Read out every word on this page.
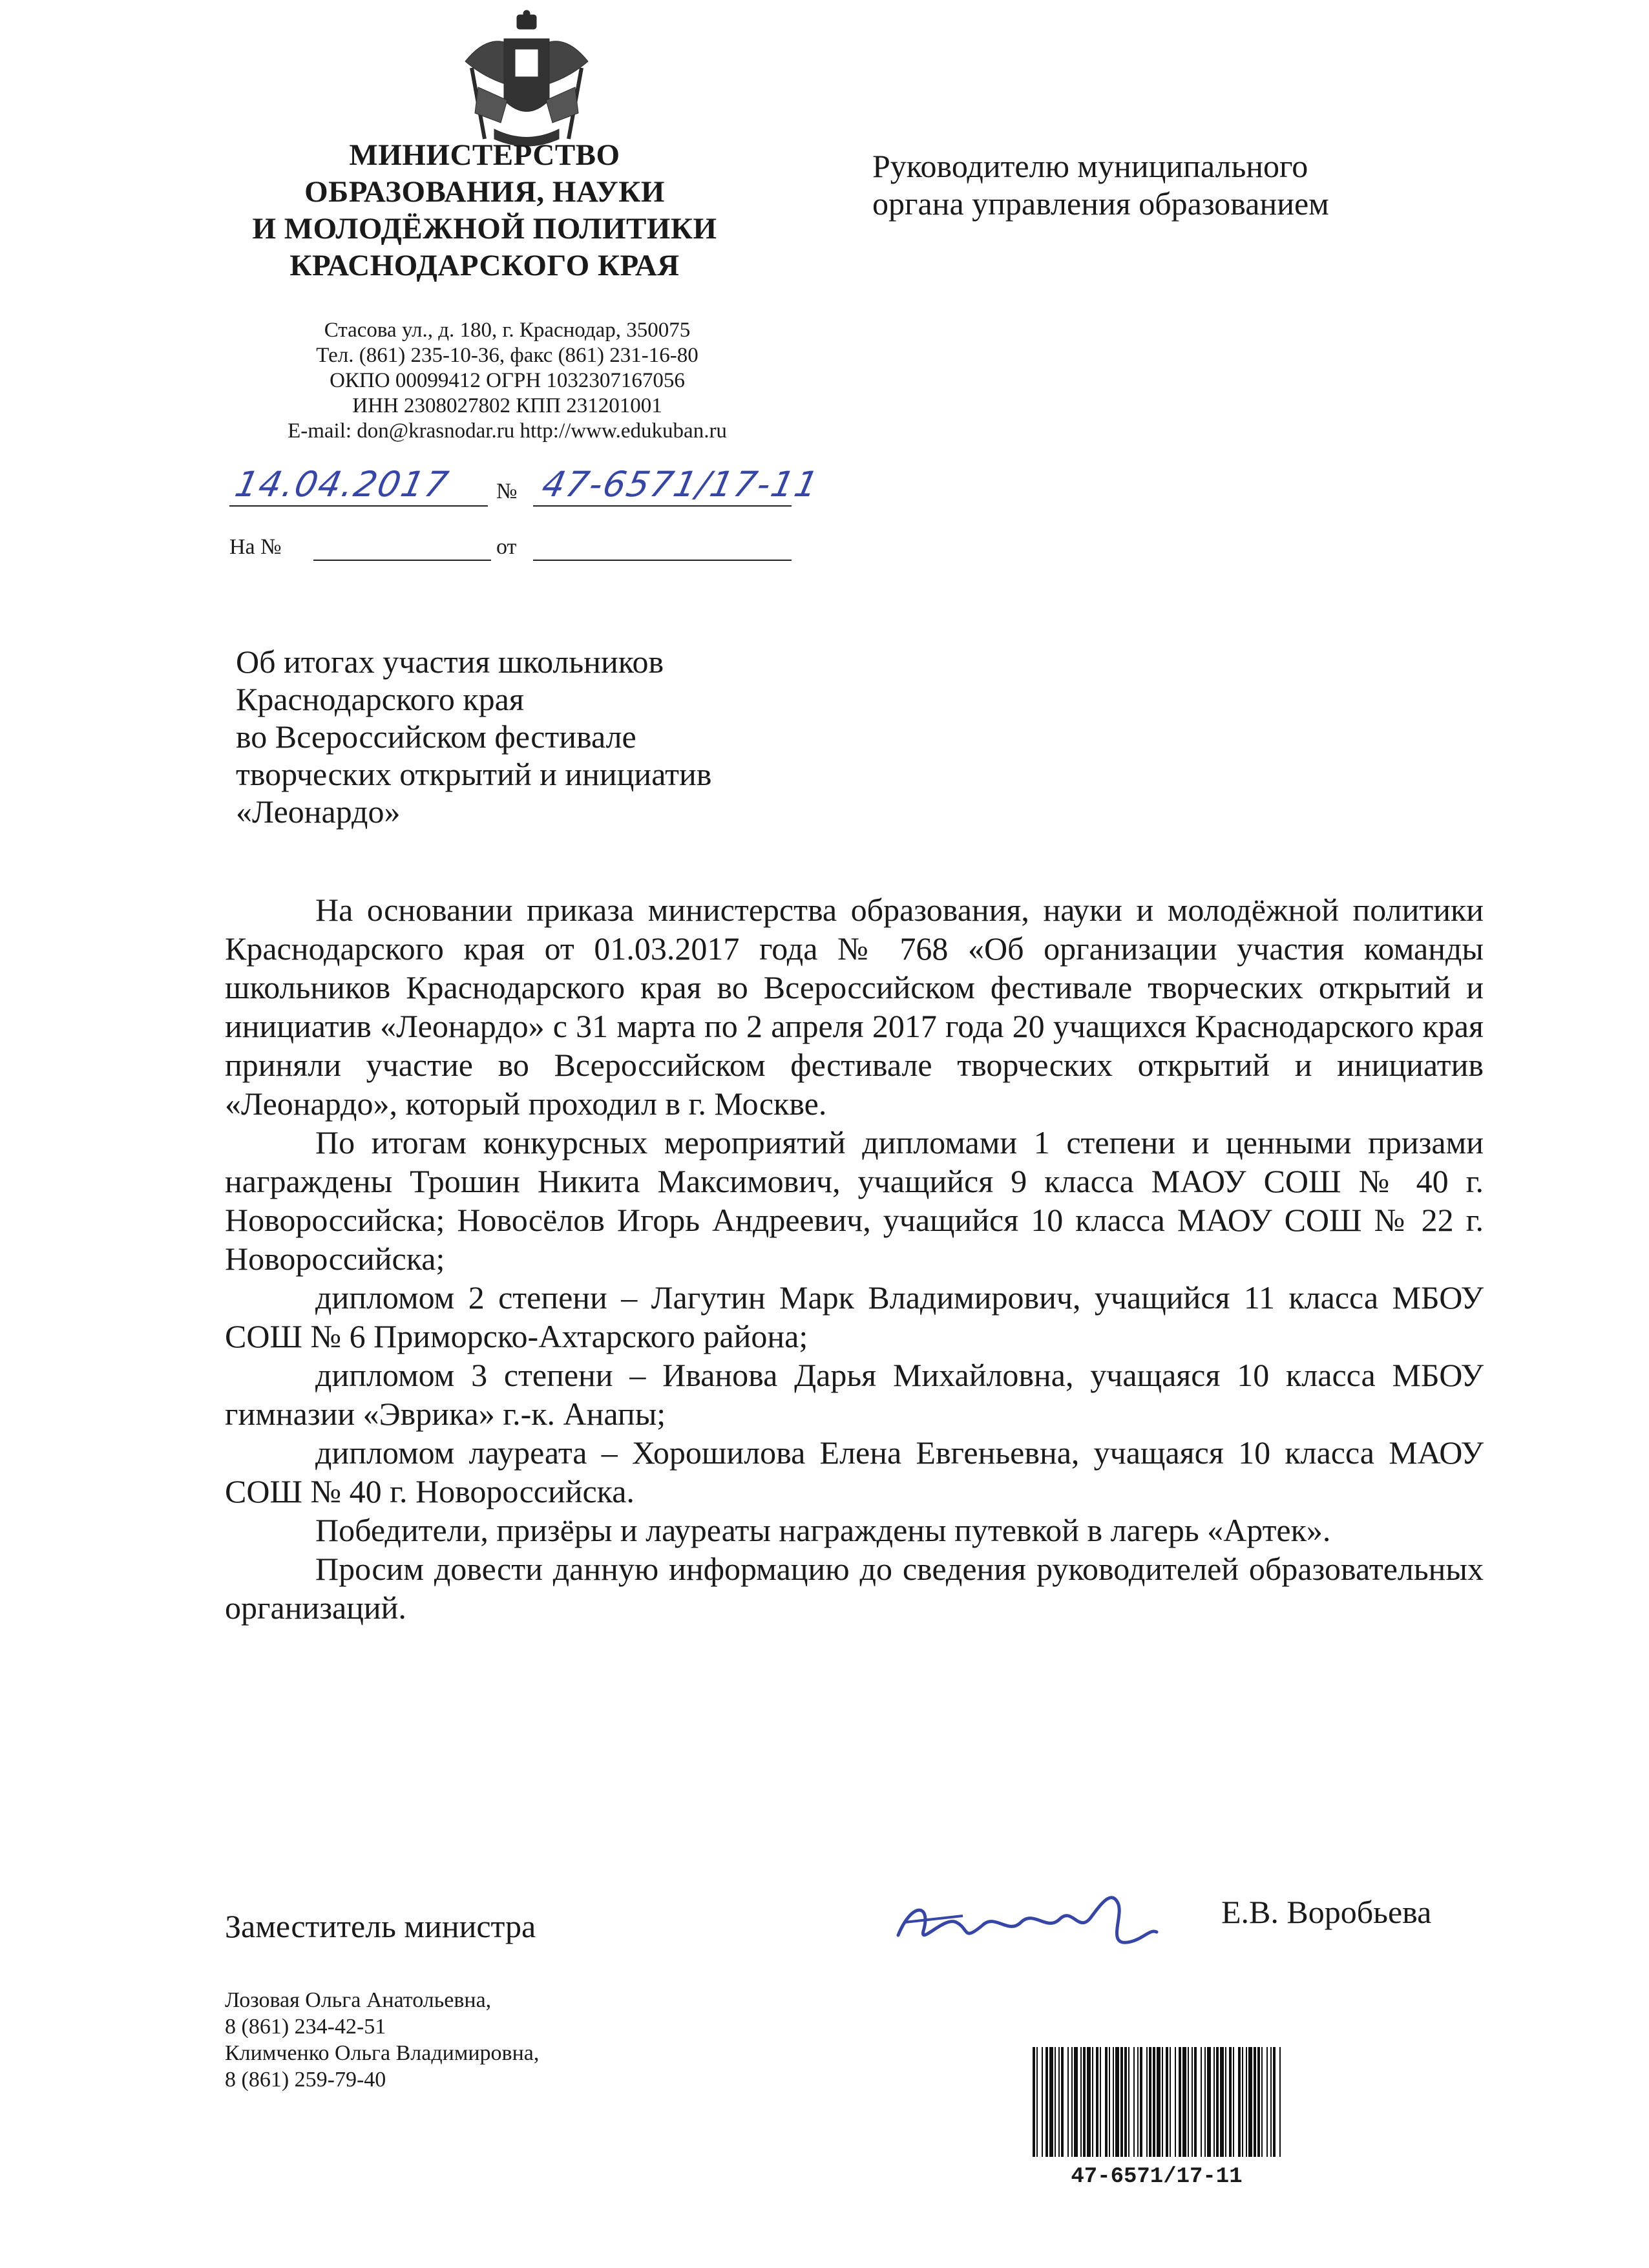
МИНИСТЕРСТВО
ОБРАЗОВАНИЯ, НАУКИ
И МОЛОДЁЖНОЙ ПОЛИТИКИ
КРАСНОДАРСКОГО КРАЯ
Стасова ул., д. 180, г. Краснодар, 350075
Тел. (861) 235-10-36, факс (861) 231-16-80
ОКПО 00099412 ОГРН 1032307167056
ИНН 2308027802 КПП 231201001
E-mail: don@krasnodar.ru http://www.edukuban.ru
Руководителю муниципального
органа управления образованием
14.04.2017 № 47-6571/17-11
На №	от
Об итогах участия школьников
Краснодарского края
во Всероссийском фестивале
творческих открытий и инициатив
«Леонардо»

На основании приказа министерства образования, науки и молодёжной политики Краснодарского края от 01.03.2017 года № 768 «Об организации участия команды школьников Краснодарского края во Всероссийском фестивале творческих открытий и инициатив «Леонардо» с 31 марта по 2 апреля 2017 года 20 учащихся Краснодарского края приняли участие во Всероссийском фестивале творческих открытий и инициатив «Леонардо», который проходил в г. Москве.

По итогам конкурсных мероприятий дипломами 1 степени и ценными призами награждены Трошин Никита Максимович, учащийся 9 класса МАОУ СОШ № 40 г. Новороссийска; Новосёлов Игорь Андреевич, учащийся 10 класса МАОУ СОШ № 22 г. Новороссийска;

дипломом 2 степени – Лагутин Марк Владимирович, учащийся 11 класса МБОУ СОШ № 6 Приморско-Ахтарского района;

дипломом 3 степени – Иванова Дарья Михайловна, учащаяся 10 класса МБОУ гимназии «Эврика» г.-к. Анапы;

дипломом лауреата – Хорошилова Елена Евгеньевна, учащаяся 10 класса МАОУ СОШ № 40 г. Новороссийска.

Победители, призёры и лауреаты награждены путевкой в лагерь «Артек».

Просим довести данную информацию до сведения руководителей образовательных организаций.

Заместитель министра	Е.В. Воробьева
Лозовая Ольга Анатольевна,
8 (861) 234-42-51
Климченко Ольга Владимировна,
8 (861) 259-79-40
47-6571/17-11
